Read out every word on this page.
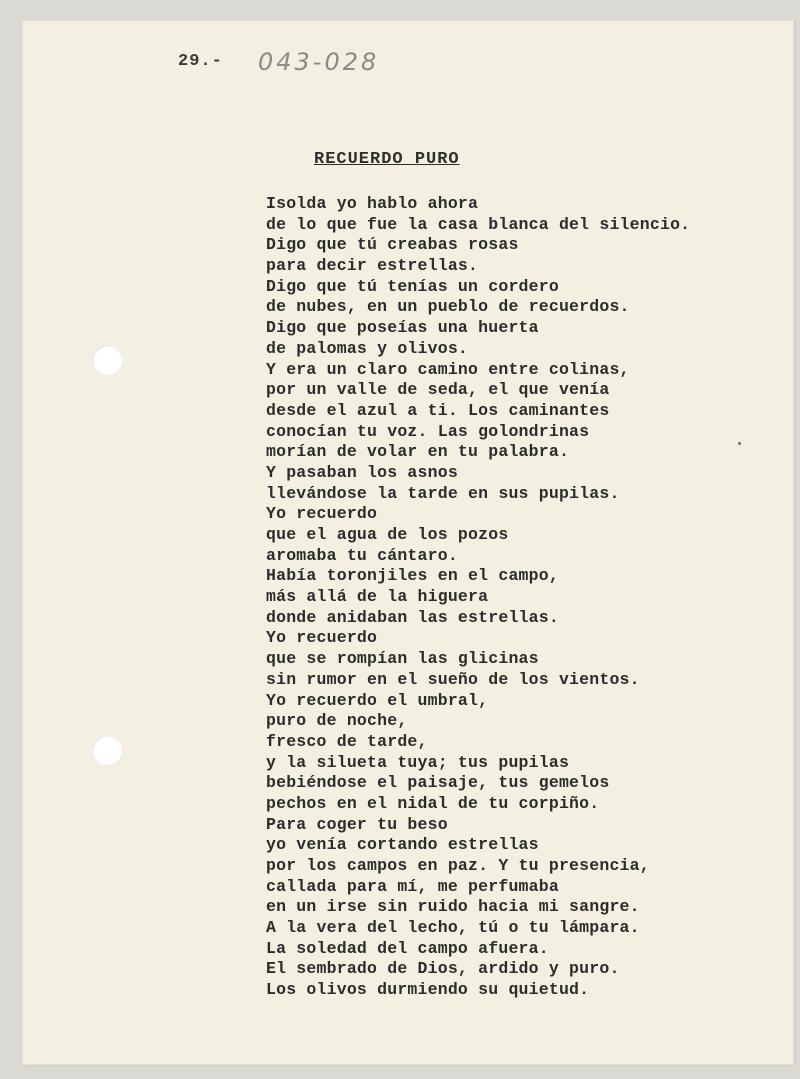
29.- 043-028
RECUERDO PURO
Isolda yo hablo ahora
de lo que fue la casa blanca del silencio.
Digo que tú creabas rosas
para decir estrellas.
Digo que tú tenías un cordero
de nubes, en un pueblo de recuerdos.
Digo que poseías una huerta
de palomas y olivos.
Y era un claro camino entre colinas,
por un valle de seda, el que venía
desde el azul a ti. Los caminantes
conocían tu voz. Las golondrinas
morían de volar en tu palabra.
Y pasaban los asnos
llevándose la tarde en sus pupilas.
Yo recuerdo
que el agua de los pozos
aromaba tu cántaro.
Había toronjiles en el campo,
más allá de la higuera
donde anidaban las estrellas.
Yo recuerdo
que se rompían las glicinas
sin rumor en el sueño de los vientos.
Yo recuerdo el umbral,
puro de noche,
fresco de tarde,
y la silueta tuya; tus pupilas
bebiéndose el paisaje, tus gemelos
pechos en el nidal de tu corpiño.
Para coger tu beso
yo venía cortando estrellas
por los campos en paz. Y tu presencia,
callada para mí, me perfumaba
en un irse sin ruido hacia mi sangre.
A la vera del lecho, tú o tu lámpara.
La soledad del campo afuera.
El sembrado de Dios, ardido y puro.
Los olivos durmiendo su quietud.
